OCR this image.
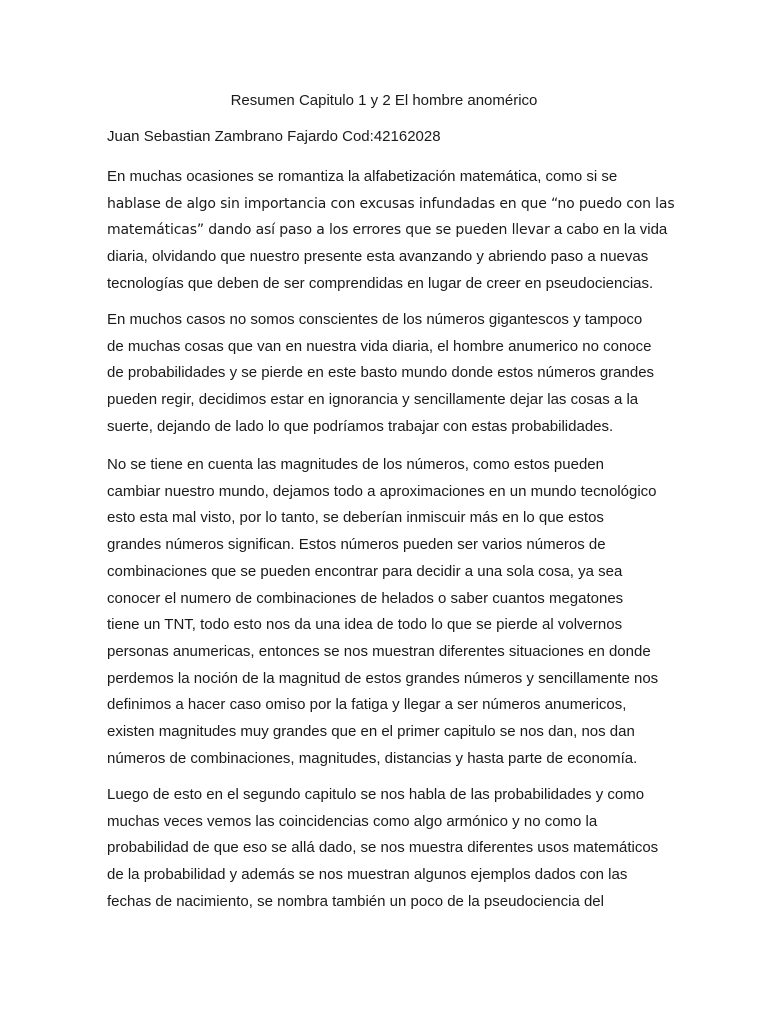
Resumen Capitulo 1 y 2 El hombre anomérico
Juan Sebastian Zambrano Fajardo Cod:42162028
En muchas ocasiones se romantiza la alfabetización matemática, como si se
hablase de algo sin importancia con excusas infundadas en que “no puedo con las
matemáticas” dando así paso a los errores que se pueden llevar a cabo en la vida
diaria, olvidando que nuestro presente esta avanzando y abriendo paso a nuevas
tecnologías que deben de ser comprendidas en lugar de creer en pseudociencias.
En muchos casos no somos conscientes de los números gigantescos y tampoco
de muchas cosas que van en nuestra vida diaria, el hombre anumerico no conoce
de probabilidades y se pierde en este basto mundo donde estos números grandes
pueden regir, decidimos estar en ignorancia y sencillamente dejar las cosas a la
suerte, dejando de lado lo que podríamos trabajar con estas probabilidades.
No se tiene en cuenta las magnitudes de los números, como estos pueden
cambiar nuestro mundo, dejamos todo a aproximaciones en un mundo tecnológico
esto esta mal visto, por lo tanto, se deberían inmiscuir más en lo que estos
grandes números significan. Estos números pueden ser varios números de
combinaciones que se pueden encontrar para decidir a una sola cosa, ya sea
conocer el numero de combinaciones de helados o saber cuantos megatones
tiene un TNT, todo esto nos da una idea de todo lo que se pierde al volvernos
personas anumericas, entonces se nos muestran diferentes situaciones en donde
perdemos la noción de la magnitud de estos grandes números y sencillamente nos
definimos a hacer caso omiso por la fatiga y llegar a ser números anumericos,
existen magnitudes muy grandes que en el primer capitulo se nos dan, nos dan
números de combinaciones, magnitudes, distancias y hasta parte de economía.
Luego de esto en el segundo capitulo se nos habla de las probabilidades y como
muchas veces vemos las coincidencias como algo armónico y no como la
probabilidad de que eso se allá dado, se nos muestra diferentes usos matemáticos
de la probabilidad y además se nos muestran algunos ejemplos dados con las
fechas de nacimiento, se nombra también un poco de la pseudociencia del
